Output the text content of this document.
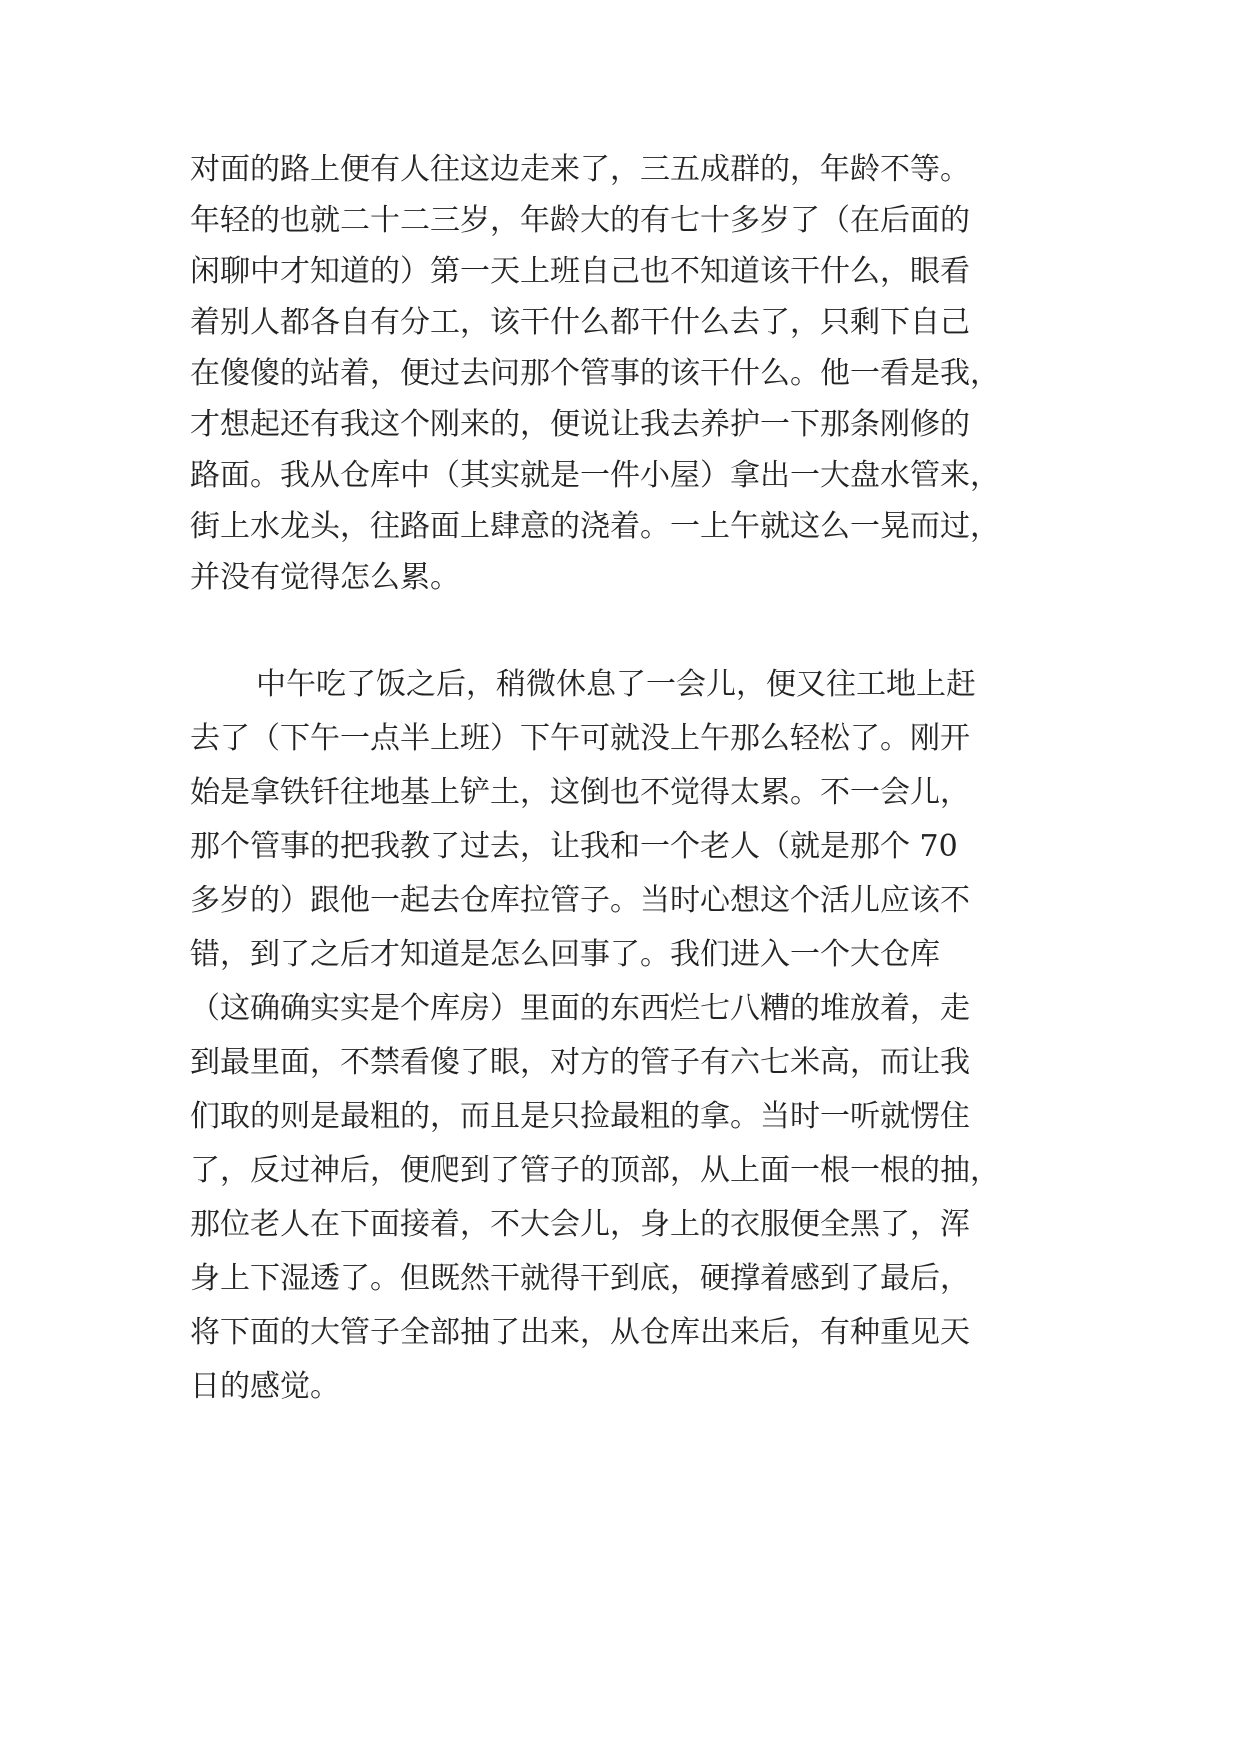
对面的路上便有人往这边走来了，三五成群的，年龄不等。
年轻的也就二十二三岁，年龄大的有七十多岁了（在后面的
闲聊中才知道的）第一天上班自己也不知道该干什么，眼看
着别人都各自有分工，该干什么都干什么去了，只剩下自己
在傻傻的站着，便过去问那个管事的该干什么。他一看是我，
才想起还有我这个刚来的，便说让我去养护一下那条刚修的
路面。我从仓库中（其实就是一件小屋）拿出一大盘水管来，
街上水龙头，往路面上肆意的浇着。一上午就这么一晃而过，
并没有觉得怎么累。
中午吃了饭之后，稍微休息了一会儿，便又往工地上赶
去了（下午一点半上班）下午可就没上午那么轻松了。刚开
始是拿铁钎往地基上铲土，这倒也不觉得太累。不一会儿，
那个管事的把我教了过去，让我和一个老人（就是那个 70
多岁的）跟他一起去仓库拉管子。当时心想这个活儿应该不
错，到了之后才知道是怎么回事了。我们进入一个大仓库
（这确确实实是个库房）里面的东西烂七八糟的堆放着，走
到最里面，不禁看傻了眼，对方的管子有六七米高，而让我
们取的则是最粗的，而且是只捡最粗的拿。当时一听就愣住
了，反过神后，便爬到了管子的顶部，从上面一根一根的抽，
那位老人在下面接着，不大会儿，身上的衣服便全黑了，浑
身上下湿透了。但既然干就得干到底，硬撑着感到了最后，
将下面的大管子全部抽了出来，从仓库出来后，有种重见天
日的感觉。
